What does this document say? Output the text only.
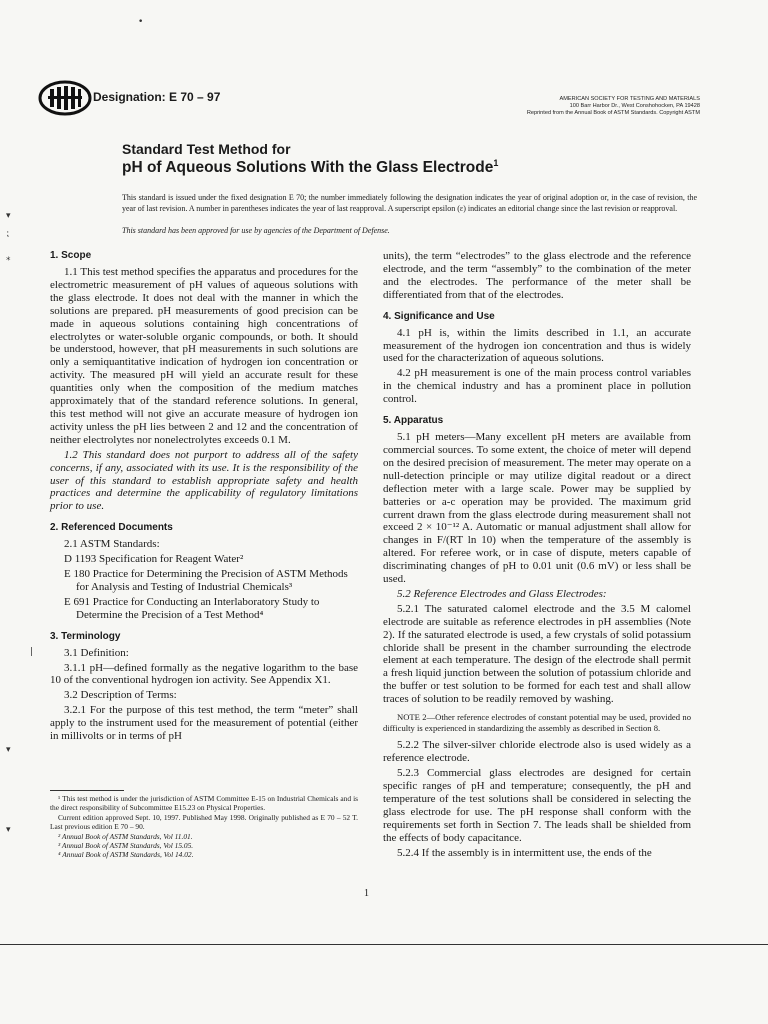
•
▾
⁏
⁎
|
▾
▾
Designation: E 70 – 97	AMERICAN SOCIETY FOR TESTING AND MATERIALS
100 Barr Harbor Dr., West Conshohocken, PA 19428
Reprinted from the Annual Book of ASTM Standards. Copyright ASTM
Standard Test Method for
pH of Aqueous Solutions With the Glass Electrode$^1$
This standard is issued under the fixed designation E 70; the number immediately following the designation indicates the year of original adoption or, in the case of revision, the year of last revision. A number in parentheses indicates the year of last reapproval. A superscript epsilon (ε) indicates an editorial change since the last revision or reapproval.
This standard has been approved for use by agencies of the Department of Defense.
1. Scope

1.1 This test method specifies the apparatus and procedures for the electrometric measurement of pH values of aqueous solutions with the glass electrode. It does not deal with the manner in which the solutions are prepared. pH measurements of good precision can be made in aqueous solutions containing high concentrations of electrolytes or water-soluble organic compounds, or both. It should be understood, however, that pH measurements in such solutions are only a semiquantitative indication of hydrogen ion concentration or activity. The measured pH will yield an accurate result for these quantities only when the composition of the medium matches approximately that of the standard reference solutions. In general, this test method will not give an accurate measure of hydrogen ion activity unless the pH lies between 2 and 12 and the concentration of neither electrolytes nor nonelectrolytes exceeds 0.1 M.

1.2 This standard does not purport to address all of the safety concerns, if any, associated with its use. It is the responsibility of the user of this standard to establish appropriate safety and health practices and determine the applicability of regulatory limitations prior to use.

2. Referenced Documents

2.1 ASTM Standards:

D 1193 Specification for Reagent Water²

E 180 Practice for Determining the Precision of ASTM Methods for Analysis and Testing of Industrial Chemicals³

E 691 Practice for Conducting an Interlaboratory Study to Determine the Precision of a Test Method⁴

3. Terminology

3.1 Definition:

3.1.1 pH—defined formally as the negative logarithm to the base 10 of the conventional hydrogen ion activity. See Appendix X1.

3.2 Description of Terms:

3.2.1 For the purpose of this test method, the term “meter” shall apply to the instrument used for the measurement of potential (either in millivolts or in terms of pH

¹ This test method is under the jurisdiction of ASTM Committee E-15 on Industrial Chemicals and is the direct responsibility of Subcommittee E15.23 on Physical Properties.

Current edition approved Sept. 10, 1997. Published May 1998. Originally published as E 70 – 52 T. Last previous edition E 70 – 90.

² Annual Book of ASTM Standards, Vol 11.01.

³ Annual Book of ASTM Standards, Vol 15.05.

⁴ Annual Book of ASTM Standards, Vol 14.02.

units), the term “electrodes” to the glass electrode and the reference electrode, and the term “assembly” to the combination of the meter and the electrodes. The performance of the meter shall be differentiated from that of the electrodes.

4. Significance and Use

4.1 pH is, within the limits described in 1.1, an accurate measurement of the hydrogen ion concentration and thus is widely used for the characterization of aqueous solutions.

4.2 pH measurement is one of the main process control variables in the chemical industry and has a prominent place in pollution control.

5. Apparatus

5.1 pH meters—Many excellent pH meters are available from commercial sources. To some extent, the choice of meter will depend on the desired precision of measurement. The meter may operate on a null-detection principle or may utilize digital readout or a direct deflection meter with a large scale. Power may be supplied by batteries or a-c operation may be provided. The maximum grid current drawn from the glass electrode during measurement shall not exceed 2 × 10⁻¹² A. Automatic or manual adjustment shall allow for changes in F/(RT ln 10) when the temperature of the assembly is altered. For referee work, or in case of dispute, meters capable of discriminating changes of pH to 0.01 unit (0.6 mV) or less shall be used.

5.2 Reference Electrodes and Glass Electrodes:

5.2.1 The saturated calomel electrode and the 3.5 M calomel electrode are suitable as reference electrodes in pH assemblies (Note 2). If the saturated electrode is used, a few crystals of solid potassium chloride shall be present in the chamber surrounding the electrode element at each temperature. The design of the electrode shall permit a fresh liquid junction between the solution of potassium chloride and the buffer or test solution to be formed for each test and shall allow traces of solution to be readily removed by washing.

NOTE 2—Other reference electrodes of constant potential may be used, provided no difficulty is experienced in standardizing the assembly as described in Section 8.

5.2.2 The silver-silver chloride electrode also is used widely as a reference electrode.

5.2.3 Commercial glass electrodes are designed for certain specific ranges of pH and temperature; consequently, the pH and temperature of the test solutions shall be considered in selecting the glass electrode for use. The pH response shall conform with the requirements set forth in Section 7. The leads shall be shielded from the effects of body capacitance.

5.2.4 If the assembly is in intermittent use, the ends of the

1
